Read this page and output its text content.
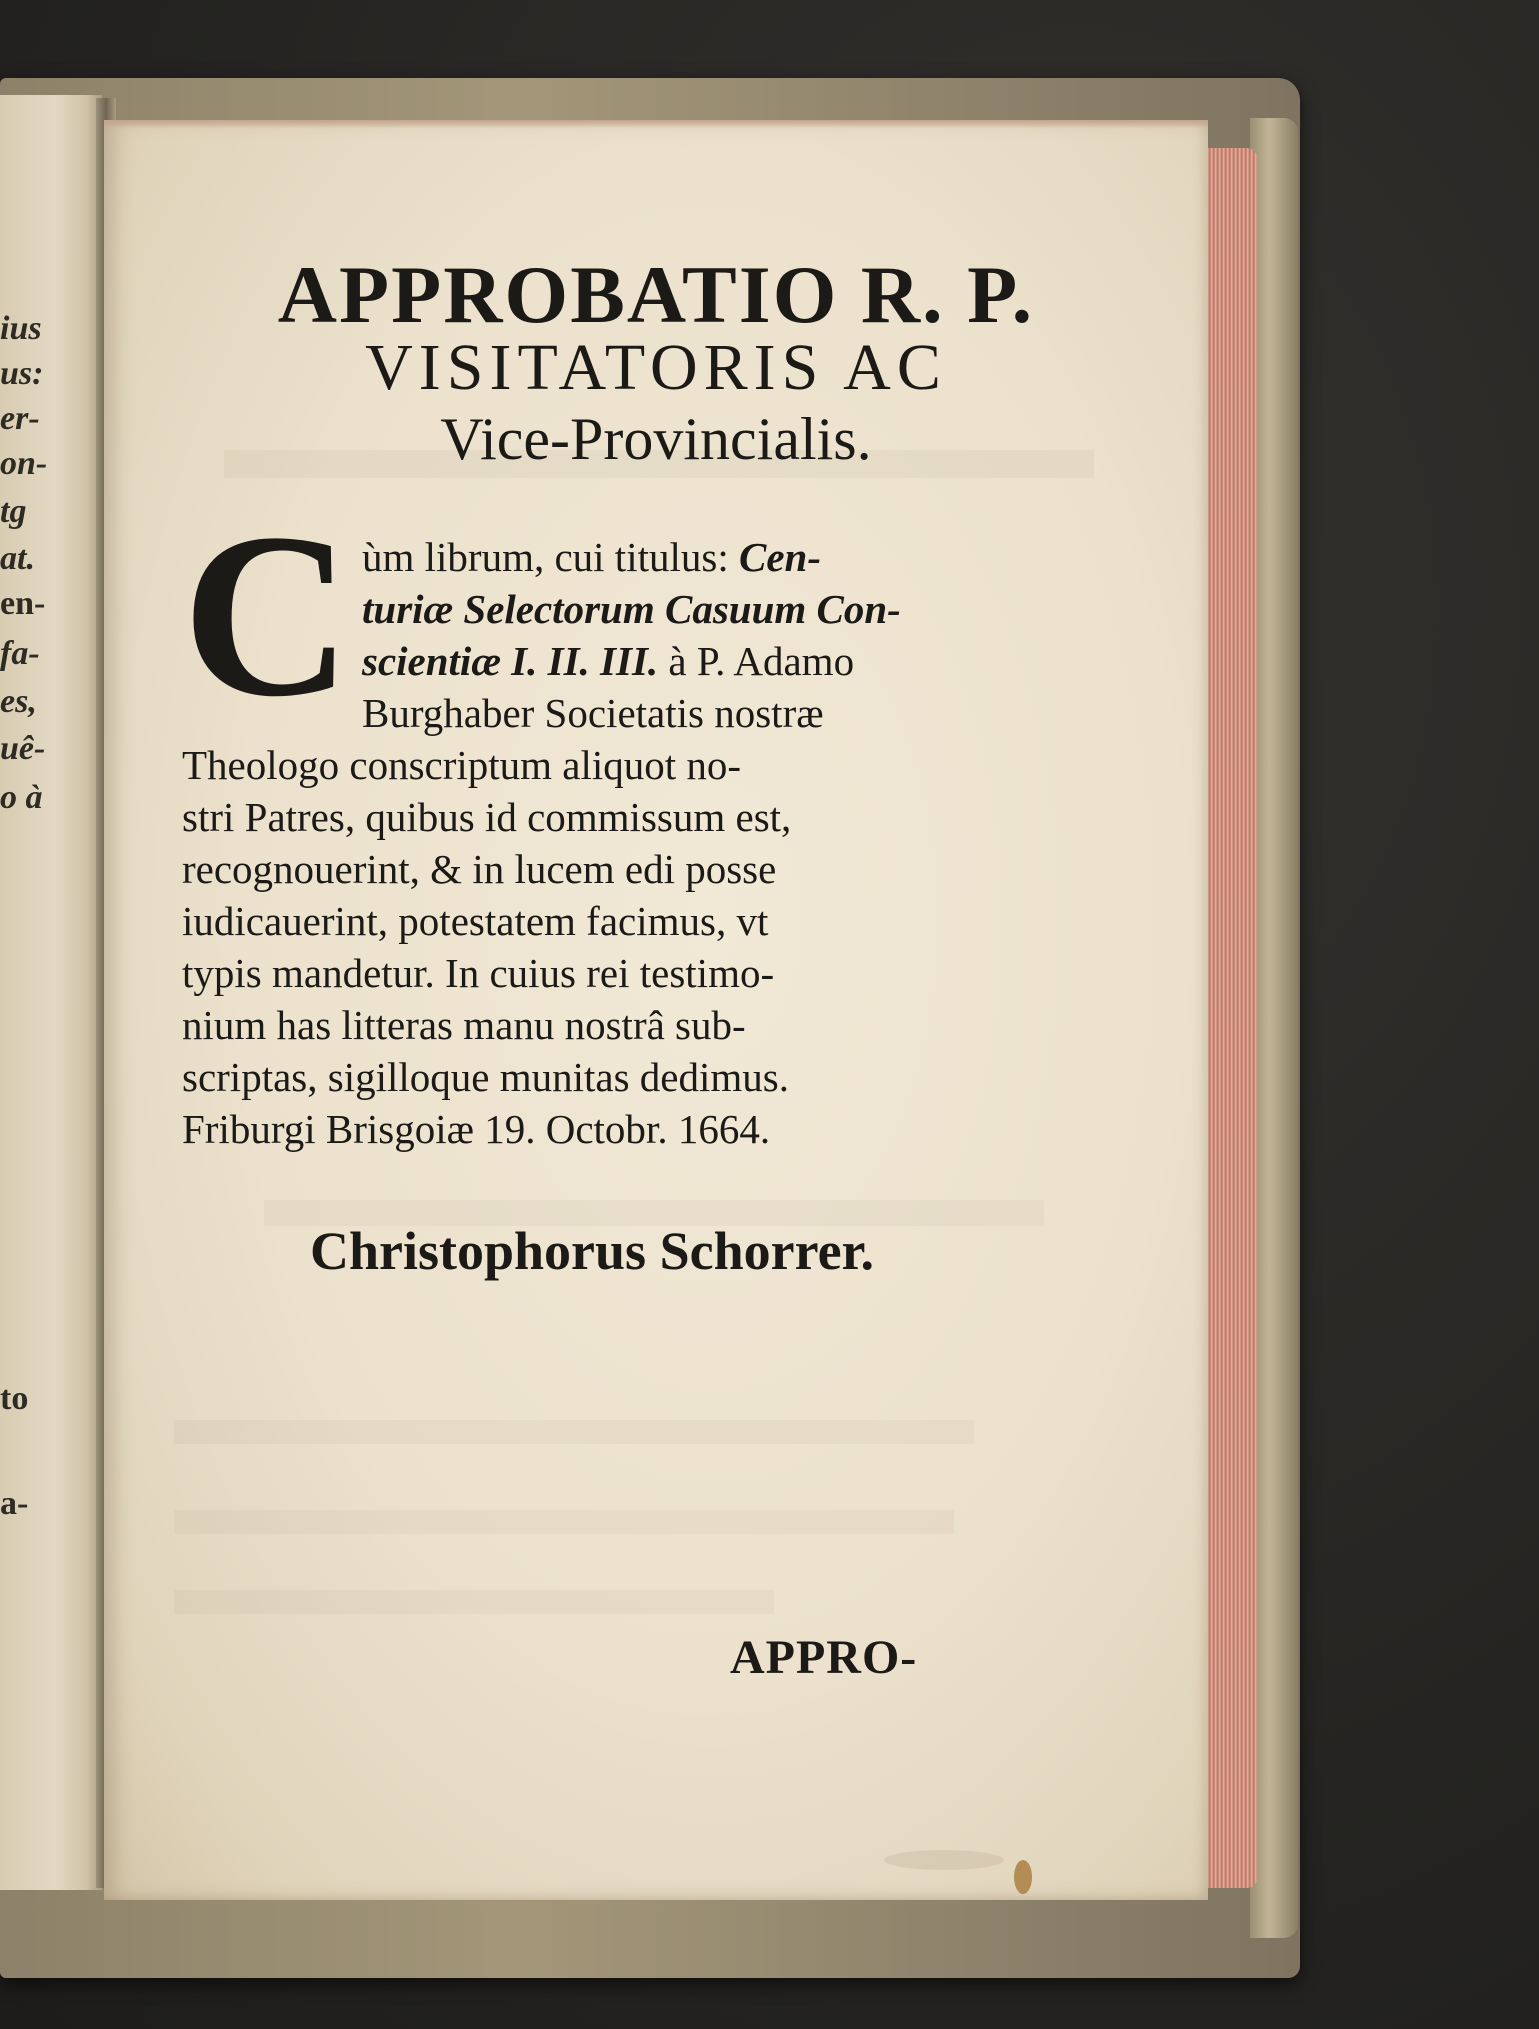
ius
us:
er-
on-
tg
at.
en-
fa-
es,
uê-
o à
to
a-
APPROBATIO R. P.
VISITATORIS AC
Vice-Provincialis.
C ùm librum, cui titulus: Cen-
turiæ Selectorum Casuum Con-
scientiæ I. II. III. à P. Adamo
Burghaber Societatis nostræ
Theologo conscriptum aliquot no-
stri Patres, quibus id commissum est,
recognouerint, & in lucem edi posse
iudicauerint, potestatem facimus, vt
typis mandetur. In cuius rei testimo-
nium has litteras manu nostrâ sub-
scriptas, sigilloque munitas dedimus.
Friburgi Brisgoiæ 19. Octobr. 1664.
Christophorus Schorrer.
APPRO-
